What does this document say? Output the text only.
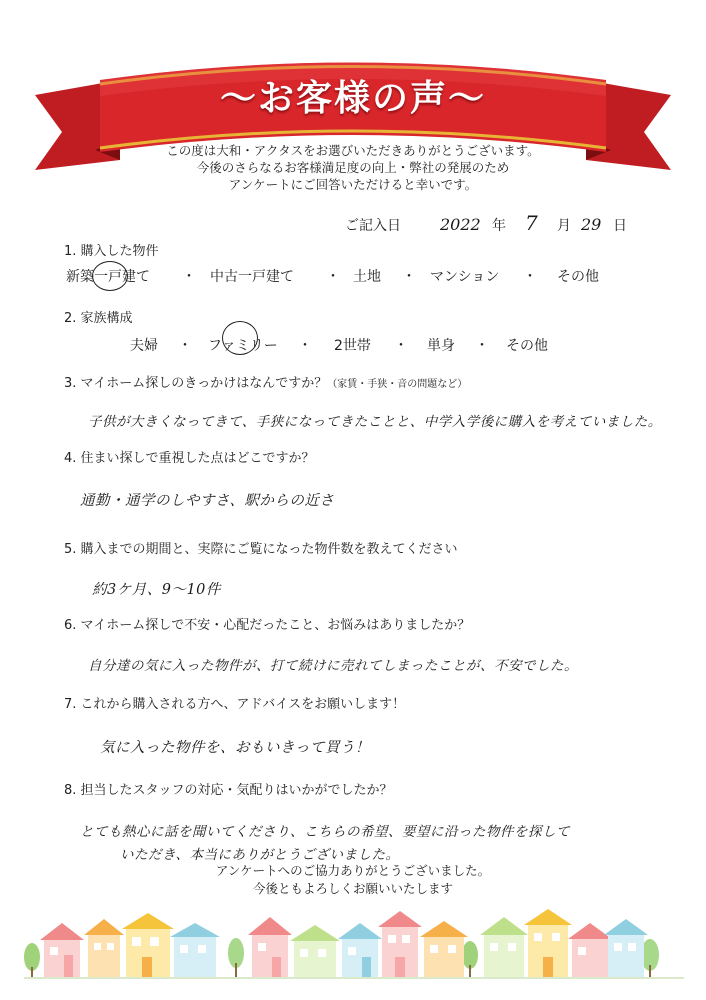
～お客様の声～
この度は大和・アクタスをお選びいただきありがとうございます。
今後のさらなるお客様満足度の向上・弊社の発展のため
アンケートにご回答いただけると幸いです。
ご記入日 2022 年 7 月 29 日
1. 購入した物件
新築一戸建て ・ 中古一戸建て ・ 土地 ・ マンション ・ その他
2. 家族構成
夫婦 ・ ファミリー ・ 2世帯 ・ 単身 ・ その他
3. マイホーム探しのきっかけはなんですか？（家賃・手狭・音の問題など）
子供が大きくなってきて、手狭になってきたことと、中学入学後に購入を考えていました。
4. 住まい探しで重視した点はどこですか？
通勤・通学のしやすさ、駅からの近さ
5. 購入までの期間と、実際にご覧になった物件数を教えてください
約3ケ月、9～10件
6. マイホーム探しで不安・心配だったこと、お悩みはありましたか？
自分達の気に入った物件が、打て続けに売れてしまったことが、不安でした。
7. これから購入される方へ、アドバイスをお願いします！
気に入った物件を、おもいきって買う！
8. 担当したスタッフの対応・気配りはいかがでしたか？
とても熱心に話を聞いてくださり、こちらの希望、要望に沿った物件を探して
いただき、本当にありがとうございました。
アンケートへのご協力ありがとうございました。
今後ともよろしくお願いいたします
